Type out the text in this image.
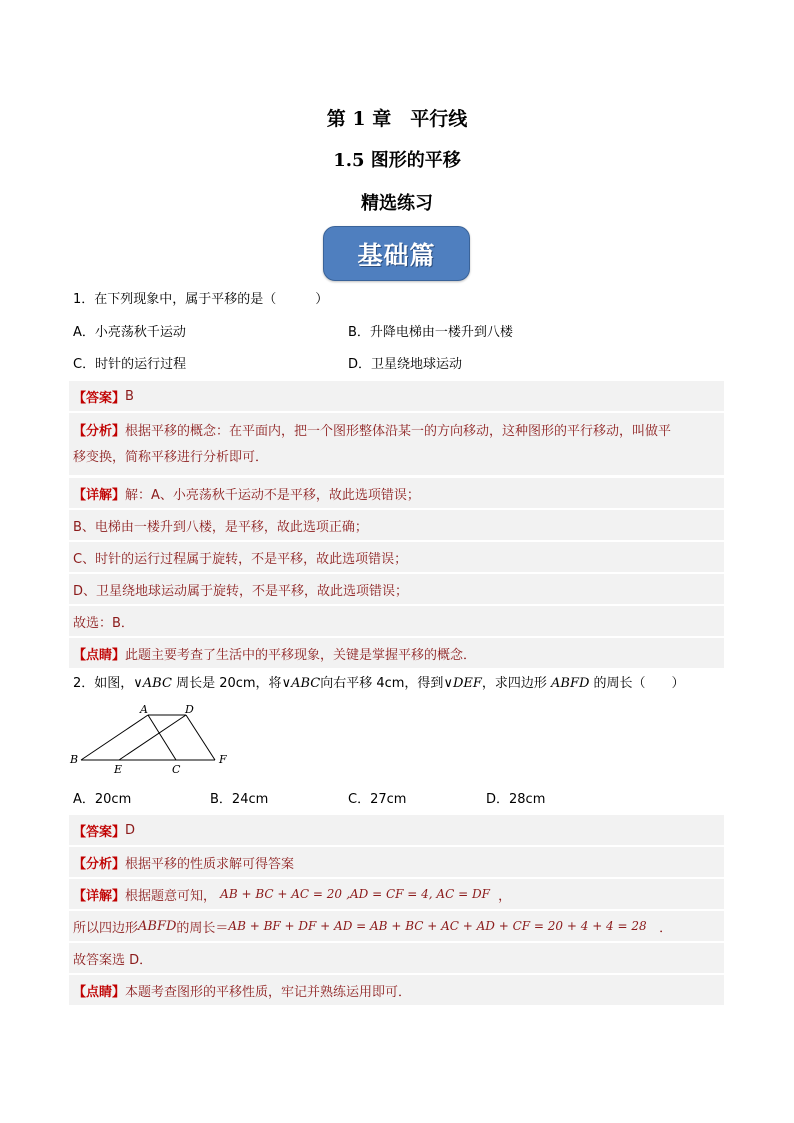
第 1 章　平行线
1.5 图形的平移
精选练习
基础篇
1．在下列现象中，属于平移的是（　　　）
A．小亮荡秋千运动	B．升降电梯由一楼升到八楼
C．时针的运行过程	D．卫星绕地球运动
【答案】 B
【分析】根据平移的概念：在平面内，把一个图形整体沿某一的方向移动，这种图形的平行移动，叫做平
移变换，简称平移进行分析即可．
【详解】 解：A、小亮荡秋千运动不是平移，故此选项错误；
B、电梯由一楼升到八楼，是平移，故此选项正确；
C、时针的运行过程属于旋转，不是平移，故此选项错误；
D、卫星绕地球运动属于旋转，不是平移，故此选项错误；
故选：B．
【点睛】 此题主要考查了生活中的平移现象，关键是掌握平移的概念．
2．如图，∨ABC 周长是 20cm，将∨ABC向右平移 4cm，得到∨DEF，求四边形 ABFD 的周长（　　）
A	D
B
E	C
F
A．20cm	B．24cm	C．27cm	D．28cm
【答案】 D
【分析】 根据平移的性质求解可得答案
【详解】 根据题意可知，
AB + BC + AC = 20
,AD = CF = 4, AC = DF
，
所以四边形 ABFD 的周长＝ AB + BF + DF + AD = AB + BC + AC + AD + CF = 20 + 4 + 4 = 28
．
故答案选 D．
【点睛】 本题考查图形的平移性质，牢记并熟练运用即可．
